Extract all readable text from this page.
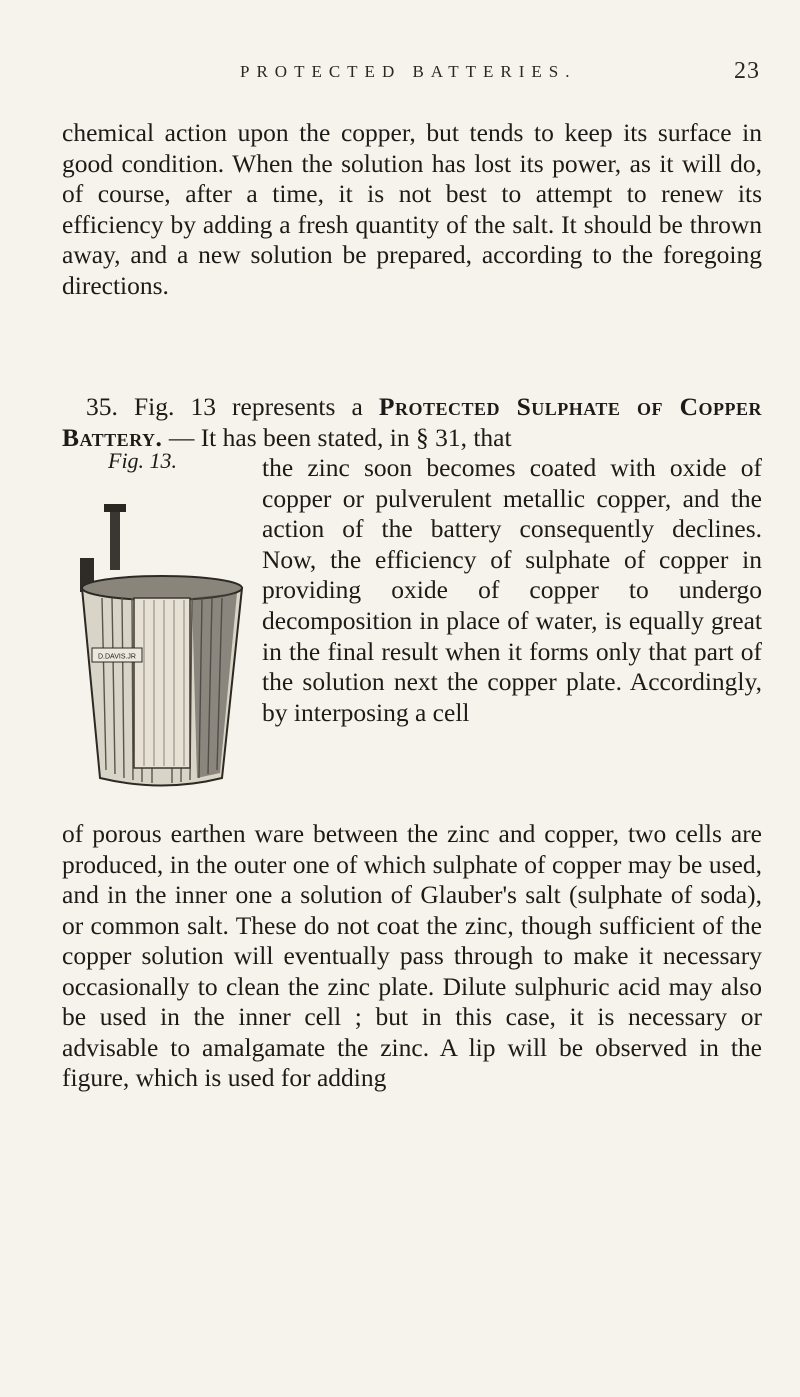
PROTECTED BATTERIES.	23
chemical action upon the copper, but tends to keep its surface in good condition. When the solution has lost its power, as it will do, of course, after a time, it is not best to attempt to renew its efficiency by adding a fresh quantity of the salt. It should be thrown away, and a new solution be prepared, according to the foregoing directions.
35. Fig. 13 represents a Protected Sulphate of Copper Battery. — It has been stated, in § 31, that
Fig. 13.
D.DAVIS.JR
the zinc soon becomes coated with oxide of copper or pulverulent metallic copper, and the action of the battery consequently declines. Now, the efficiency of sulphate of copper in providing oxide of copper to undergo decomposition in place of water, is equally great in the final result when it forms only that part of the solution next the copper plate. Accordingly, by interposing a cell
of porous earthen ware between the zinc and copper, two cells are produced, in the outer one of which sulphate of copper may be used, and in the inner one a solution of Glauber's salt (sulphate of soda), or common salt. These do not coat the zinc, though sufficient of the copper solution will eventually pass through to make it necessary occasionally to clean the zinc plate. Dilute sulphuric acid may also be used in the inner cell ; but in this case, it is necessary or advisable to amalgamate the zinc. A lip will be observed in the figure, which is used for adding
